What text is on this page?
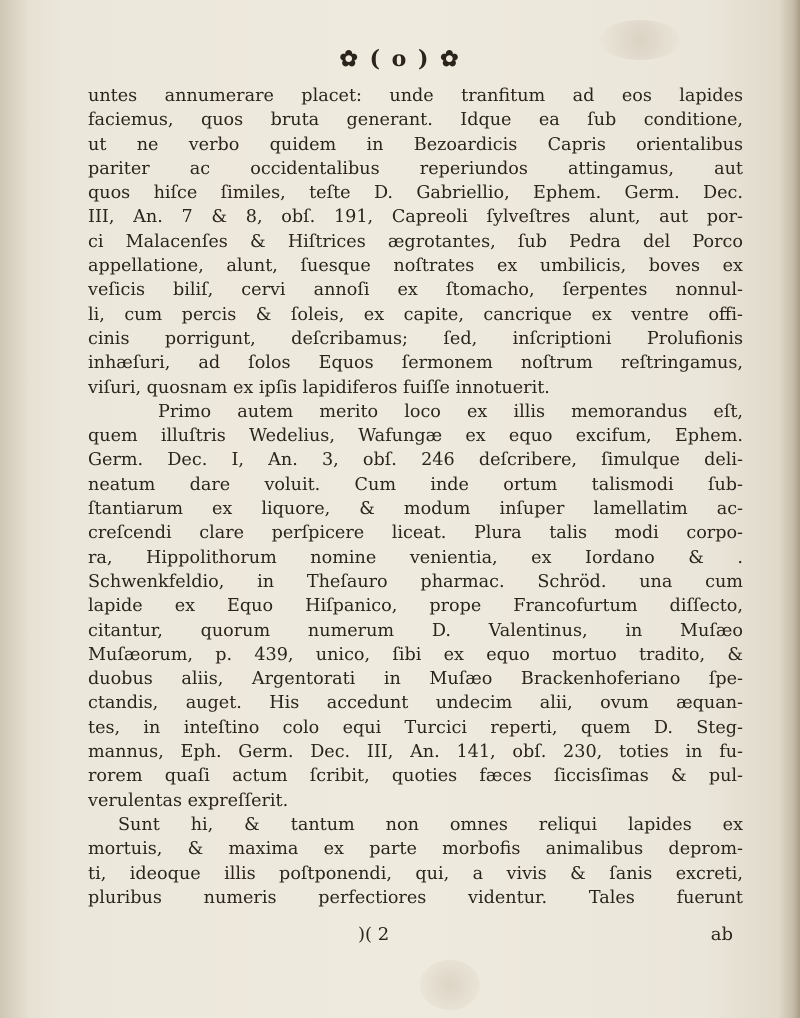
✿ ( o ) ✿
untes annumerare placet: unde tranfitum ad eos lapides
faciemus, quos bruta generant. Idque ea ſub conditione,
ut ne verbo quidem in Bezoardicis Capris orientalibus
pariter ac occidentalibus reperiundos attingamus, aut
quos hiſce ſimiles, teſte D. Gabriellio, Ephem. Germ. Dec.
III, An. 7 & 8, obſ. 191, Capreoli ſylveſtres alunt, aut por-
ci Malacenſes & Hiſtrices ægrotantes, ſub Pedra del Porco
appellatione, alunt, ſuesque noſtrates ex umbilicis, boves ex
veſicis biliſ, cervi annoſi ex ſtomacho, ſerpentes nonnul-
li, cum percis & ſoleis, ex capite, cancrique ex ventre offi-
cinis porrigunt, deſcribamus; ſed, inſcriptioni Prolufionis
inhæſuri, ad ſolos Equos ſermonem noſtrum reſtringamus,
viſuri, quosnam ex ipſis lapidiferos fuiſſe innotuerit.
Primo autem merito loco ex illis memorandus eſt,
quem illuſtris Wedelius, Wafungæ ex equo excifum, Ephem.
Germ. Dec. I, An. 3, obſ. 246 deſcribere, ſimulque deli-
neatum dare voluit. Cum inde ortum talismodi ſub-
ſtantiarum ex liquore, & modum inſuper lamellatim ac-
creſcendi clare perſpicere liceat. Plura talis modi corpo-
ra, Hippolithorum nomine venientia, ex Iordano & .
Schwenkfeldio, in Theſauro pharmac. Schröd. una cum
lapide ex Equo Hiſpanico, prope Francofurtum diſſecto,
citantur, quorum numerum D. Valentinus, in Muſæo
Muſæorum, p. 439, unico, ſibi ex equo mortuo tradito, &
duobus aliis, Argentorati in Muſæo Brackenhoferiano ſpe-
ctandis, auget. His accedunt undecim alii, ovum æquan-
tes, in inteſtino colo equi Turcici reperti, quem D. Steg-
mannus, Eph. Germ. Dec. III, An. 141, obſ. 230, toties in fu-
rorem quaſi actum ſcribit, quoties fæces ſiccisſimas & pul-
verulentas expreſſerit.
Sunt hi, & tantum non omnes reliqui lapides ex
mortuis, & maxima ex parte morbofis animalibus deprom-
ti, ideoque illis poſtponendi, qui, a vivis & ſanis excreti,
pluribus numeris perfectiores videntur. Tales fuerunt
)( 2	ab
